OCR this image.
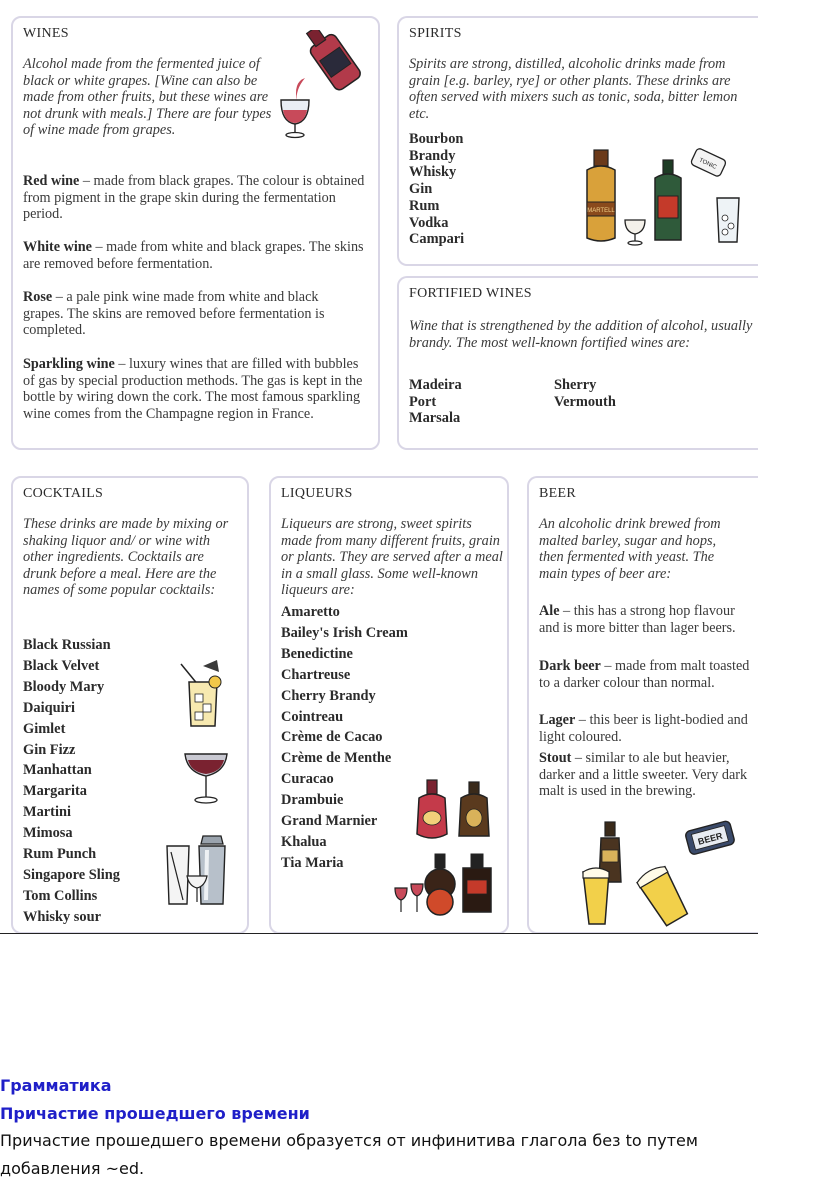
WINES
Alcohol made from the fermented juice of black or white grapes. [Wine can also be made from other fruits, but these wines are not drunk with meals.] There are four types of wine made from grapes.
Red wine – made from black grapes. The colour is obtained from pigment in the grape skin during the fermentation period.
White wine – made from white and black grapes. The skins are removed before fermentation.
Rose – a pale pink wine made from white and black grapes. The skins are removed before fermentation is completed.
Sparkling wine – luxury wines that are filled with bubbles of gas by special production methods. The gas is kept in the bottle by wiring down the cork. The most famous sparkling wine comes from the Champagne region in France.
SPIRITS
Spirits are strong, distilled, alcoholic drinks made from grain [e.g. barley, rye] or other plants. These drinks are often served with mixers such as tonic, soda, bitter lemon etc.
Bourbon
Brandy
Whisky
Gin
Rum
Vodka
Campari
MARTELL
TONIC
FORTIFIED WINES
Wine that is strengthened by the addition of alcohol, usually brandy. The most well-known fortified wines are:
Madeira
Port
Marsala
Sherry
Vermouth
COCKTAILS
These drinks are made by mixing or shaking liquor and/ or wine with other ingredients. Cocktails are drunk before a meal. Here are the names of some popular cocktails:
Black Russian
Black Velvet
Bloody Mary
Daiquiri
Gimlet
Gin Fizz
Manhattan
Margarita
Martini
Mimosa
Rum Punch
Singapore Sling
Tom Collins
Whisky sour
LIQUEURS
Liqueurs are strong, sweet spirits made from many different fruits, grain or plants. They are served after a meal in a small glass. Some well-known liqueurs are:
Amaretto
Bailey's Irish Cream
Benedictine
Chartreuse
Cherry Brandy
Cointreau
Crème de Cacao
Crème de Menthe
Curacao
Drambuie
Grand Marnier
Khalua
Tia Maria
BEER
An alcoholic drink brewed from malted barley, sugar and hops, then fermented with yeast. The main types of beer are:
Ale – this has a strong hop flavour and is more bitter than lager beers.
Dark beer – made from malt toasted to a darker colour than normal.
Lager – this beer is light-bodied and light coloured.
Stout – similar to ale but heavier, darker and a little sweeter. Very dark malt is used in the brewing.
BEER
Грамматика
Причастие прошедшего времени
Причастие прошедшего времени образуется от инфинитива глагола без to путем
добавления ~ed.
